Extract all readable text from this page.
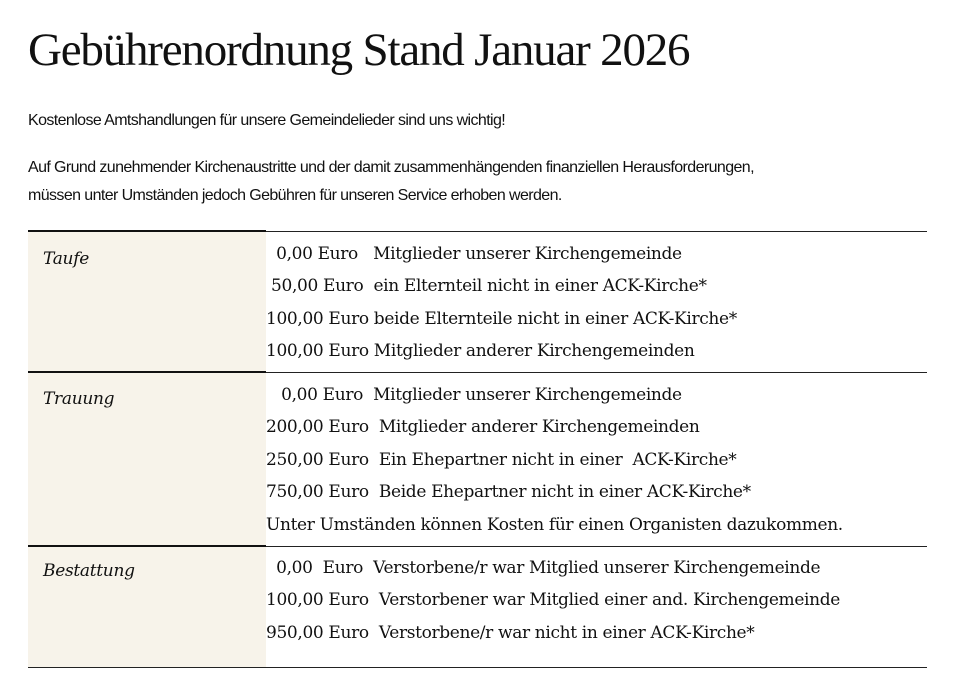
Gebührenordnung Stand Januar 2026

Kostenlose Amtshandlungen für unsere Gemeindelieder sind uns wichtig!

Auf Grund zunehmender Kirchenaustritte und der damit zusammenhängenden finanziellen Herausforderungen,
müssen unter Umständen jedoch Gebühren für unseren Service erhoben werden.

Taufe	0,00 Euro   Mitglieder unserer Kirchengemeinde
50,00 Euro  ein Elternteil nicht in einer ACK-Kirche*
100,00 Euro beide Elternteile nicht in einer ACK-Kirche*
100,00 Euro Mitglieder anderer Kirchengemeinden

Trauung	0,00 Euro  Mitglieder unserer Kirchengemeinde
200,00 Euro  Mitglieder anderer Kirchengemeinden
250,00 Euro  Ein Ehepartner nicht in einer  ACK-Kirche*
750,00 Euro  Beide Ehepartner nicht in einer ACK-Kirche*
Unter Umständen können Kosten für einen Organisten dazukommen.

Bestattung	0,00  Euro  Verstorbene/r war Mitglied unserer Kirchengemeinde
100,00 Euro  Verstorbener war Mitglied einer and. Kirchengemeinde
950,00 Euro  Verstorbene/r war nicht in einer ACK-Kirche*
